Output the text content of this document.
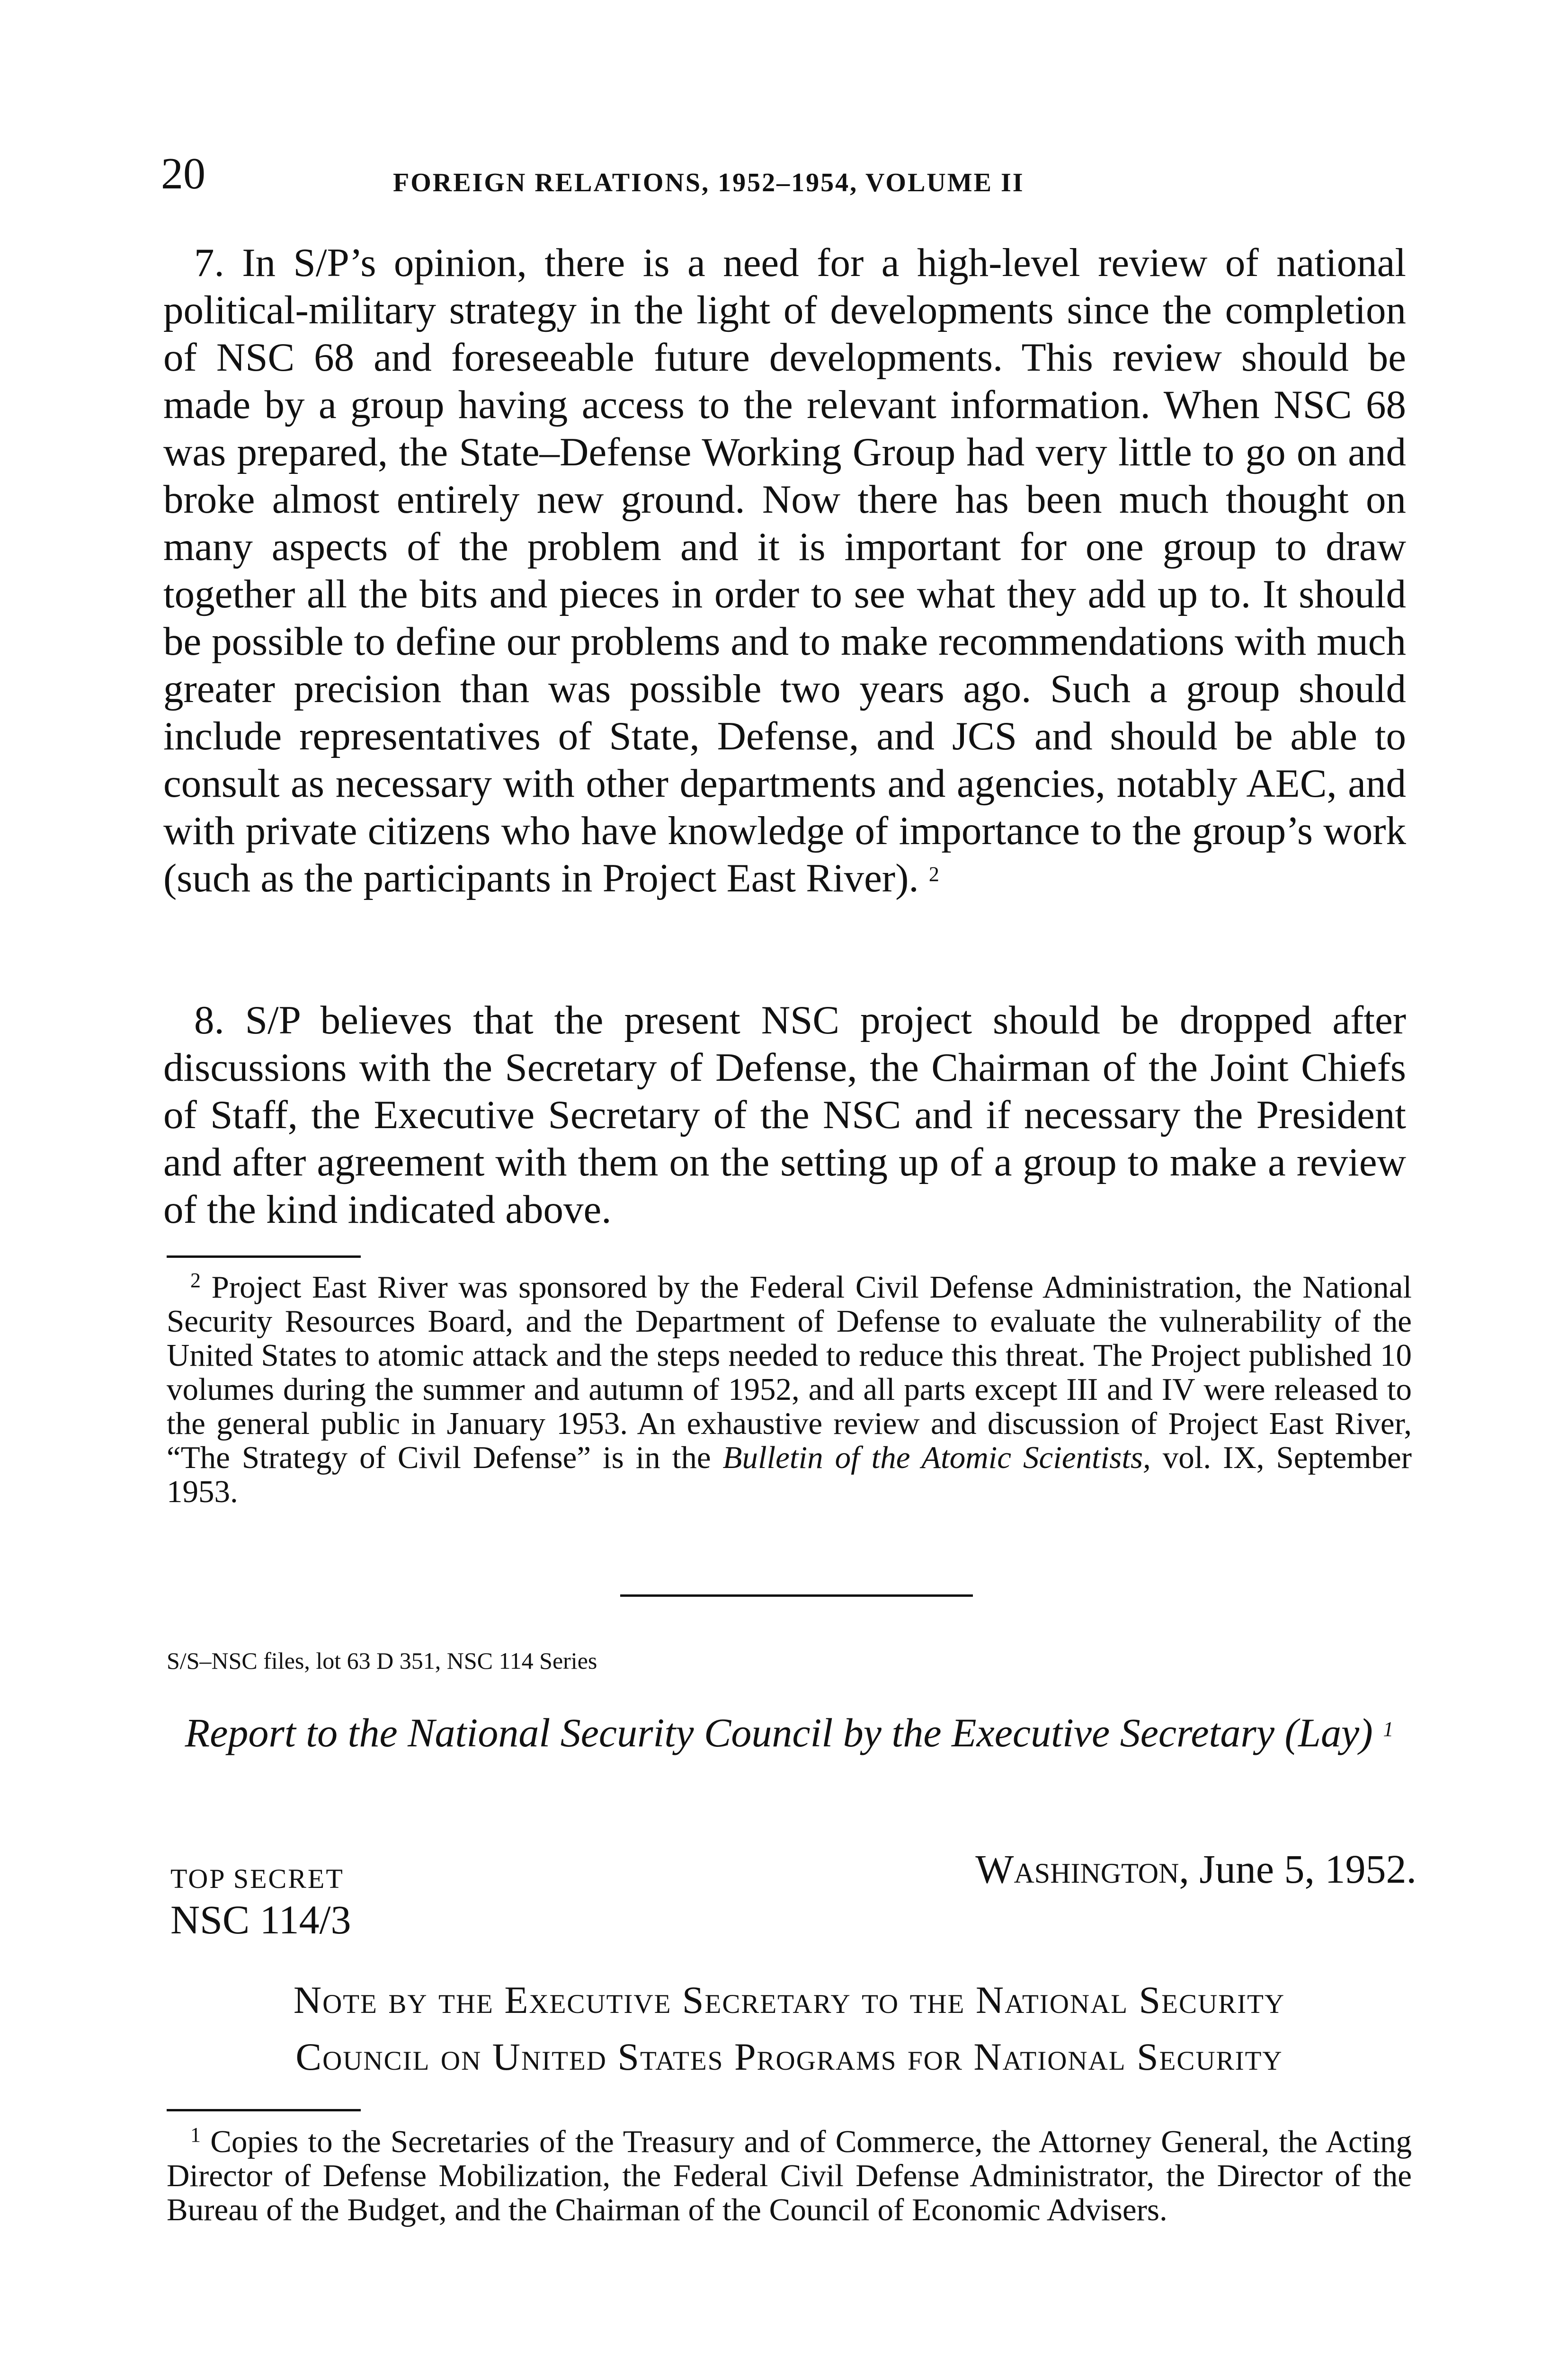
20	FOREIGN RELATIONS, 1952–1954, VOLUME II

7. In S/P’s opinion, there is a need for a high-level review of national political-military strategy in the light of developments since the completion of NSC 68 and foreseeable future developments. This review should be made by a group having access to the relevant information. When NSC 68 was prepared, the State–Defense Working Group had very little to go on and broke almost entirely new ground. Now there has been much thought on many aspects of the problem and it is important for one group to draw together all the bits and pieces in order to see what they add up to. It should be possible to define our problems and to make recommendations with much greater precision than was possible two years ago. Such a group should include representatives of State, Defense, and JCS and should be able to consult as necessary with other departments and agencies, notably AEC, and with private citizens who have knowledge of importance to the group’s work (such as the participants in Project East River). $^2$

8. S/P believes that the present NSC project should be dropped after discussions with the Secretary of Defense, the Chairman of the Joint Chiefs of Staff, the Executive Secretary of the NSC and if necessary the President and after agreement with them on the setting up of a group to make a review of the kind indicated above.

$^2$ Project East River was sponsored by the Federal Civil Defense Administration, the National Security Resources Board, and the Department of Defense to evaluate the vulnerability of the United States to atomic attack and the steps needed to reduce this threat. The Project published 10 volumes during the summer and autumn of 1952, and all parts except III and IV were released to the general public in January 1953. An exhaustive review and discussion of Project East River, “The Strategy of Civil Defense” is in the Bulletin of the Atomic Scientists, vol. IX, September 1953.

S/S–NSC files, lot 63 D 351, NSC 114 Series

Report to the National Security Council by the Executive Secretary (Lay) $^1$

TOP SECRET	Washington, June 5, 1952.
NSC 114/3
Note by the Executive Secretary to the National Security
Council on United States Programs for National Security

$^1$ Copies to the Secretaries of the Treasury and of Commerce, the Attorney General, the Acting Director of Defense Mobilization, the Federal Civil Defense Administrator, the Director of the Bureau of the Budget, and the Chairman of the Council of Economic Advisers.
